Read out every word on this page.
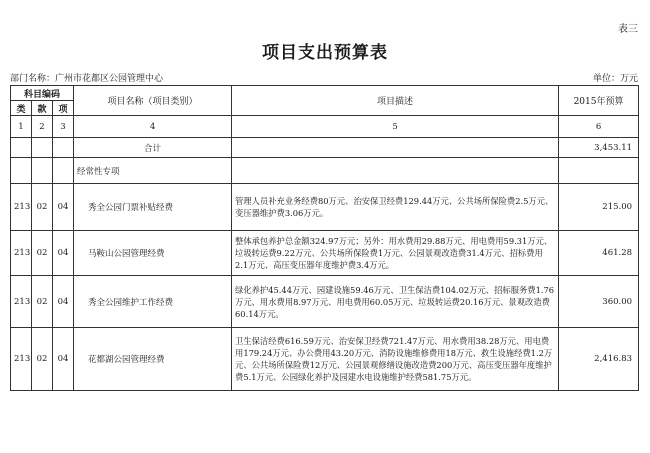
表三
项目支出预算表
部门名称：广州市花都区公园管理中心	单位：万元
科目编码			项目名称（项目类别）	项目描述	2015年预算
类	款	项			
1	2	3	4	5	6
			合计		3,453.11
			经常性专项		
213	02	04	秀全公园门票补贴经费	管理人员补充业务经费80万元、治安保卫经费129.44万元、公共场所保险费2.5万元、变压器维护费3.06万元。	215.00
213	02	04	马鞍山公园管理经费	整体承包养护总金额324.97万元；另外：用水费用29.88万元、用电费用59.31万元、垃圾转运费9.22万元、公共场所保险费1万元、公园景观改造费31.4万元、招标费用2.1万元、高压变压器年度维护费3.4万元。	461.28
213	02	04	秀全公园维护工作经费	绿化养护45.44万元、园建设施59.46万元、卫生保洁费104.02万元、招标服务费1.76万元、用水费用8.97万元、用电费用60.05万元、垃圾转运费20.16万元、景观改造费60.14万元。	360.00
213	02	04	花都湖公园管理经费	卫生保洁经费616.59万元、治安保卫经费721.47万元、用水费用38.28万元、用电费用179.24万元、办公费用43.20万元、消防设施维修费用18万元、救生设施经费1.2万元、公共场所保险费12万元、公园景观修缮设施改造费200万元、高压变压器年度维护费5.1万元、公园绿化养护及园建水电设施维护经费581.75万元。	2,416.83
